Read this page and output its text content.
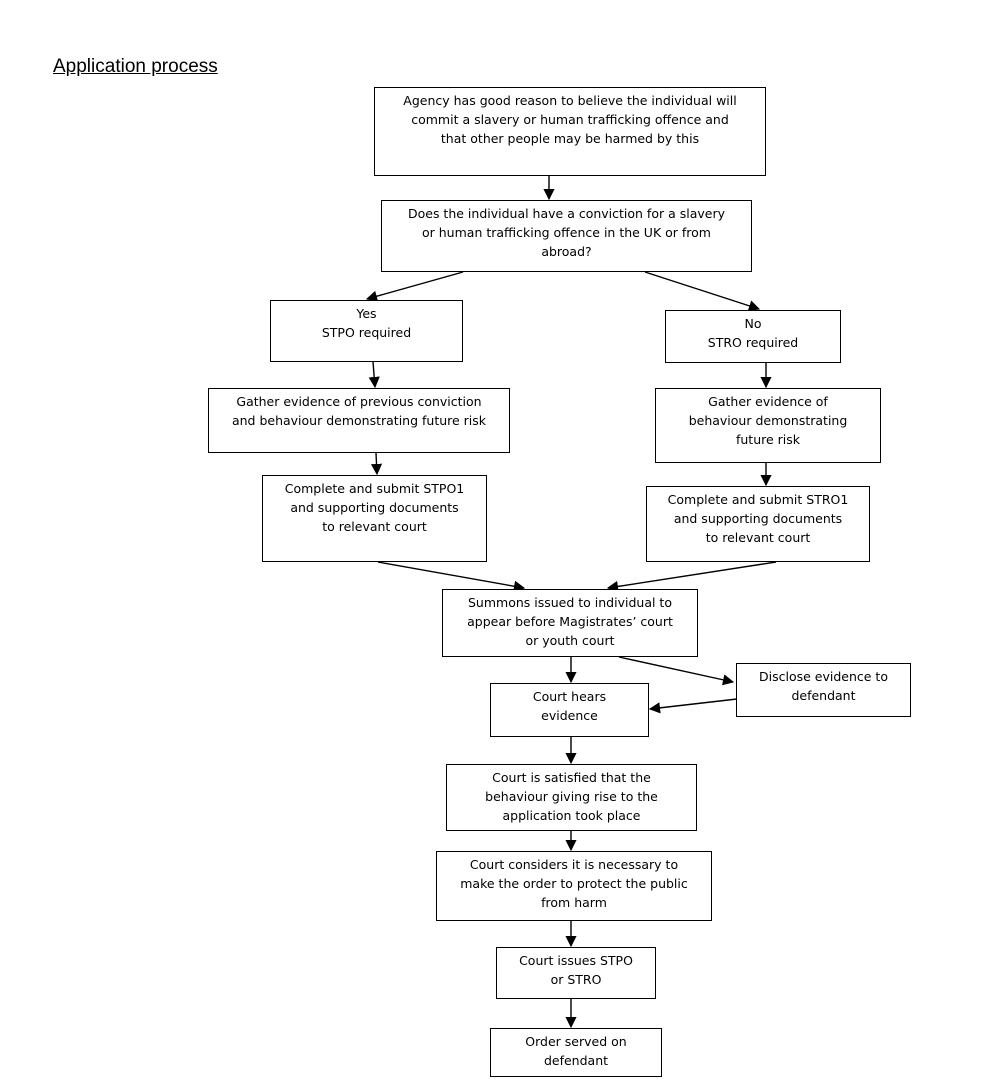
Application process
Agency has good reason to believe the individual will
commit a slavery or human trafficking offence and
that other people may be harmed by this
Does the individual have a conviction for a slavery
or human trafficking offence in the UK or from
abroad?
Yes
STPO required
No
STRO required
Gather evidence of previous conviction
and behaviour demonstrating future risk
Gather evidence of
behaviour demonstrating
future risk
Complete and submit STPO1
and supporting documents
to relevant court
Complete and submit STRO1
and supporting documents
to relevant court
Summons issued to individual to
appear before Magistrates’ court
or youth court
Disclose evidence to
defendant
Court hears
evidence
Court is satisfied that the
behaviour giving rise to the
application took place
Court considers it is necessary to
make the order to protect the public
from harm
Court issues STPO
or STRO
Order served on
defendant
